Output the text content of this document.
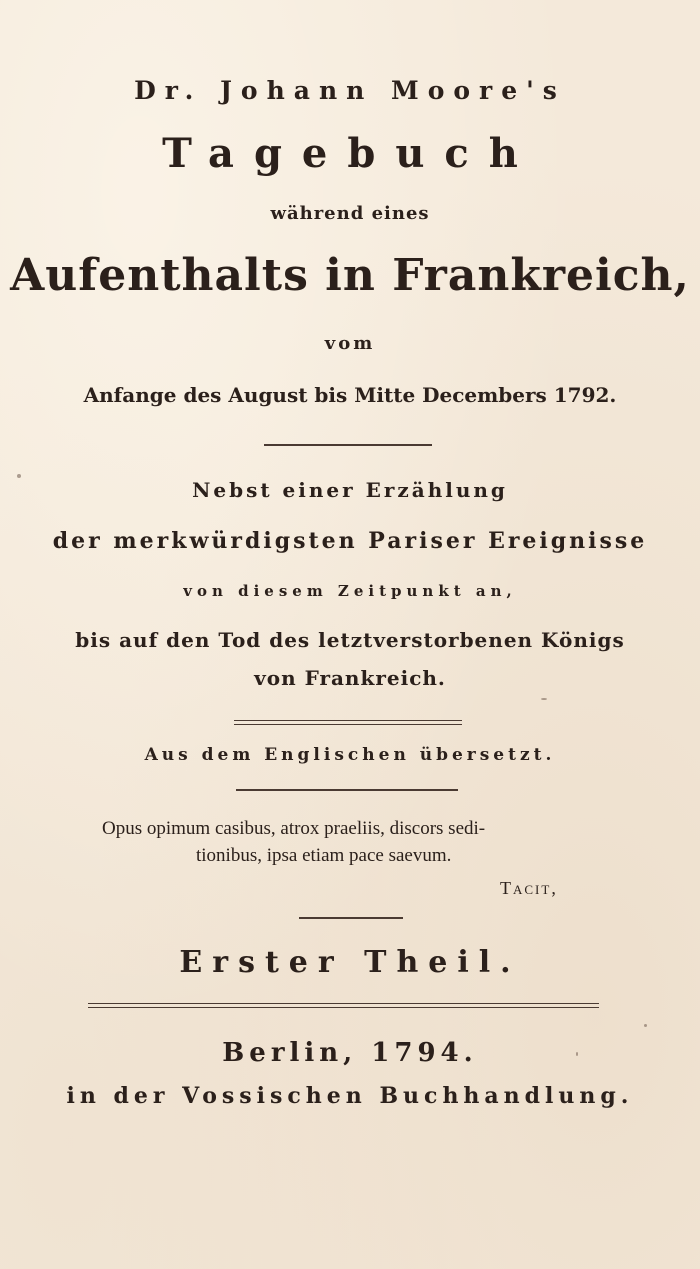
Dr. Johann Moore's
Tagebuch
während eines
Aufenthalts in Frankreich,
vom
Anfange des August bis Mitte Decembers 1792.
Nebst einer Erzählung
der merkwürdigsten Pariser Ereignisse
von diesem Zeitpunkt an,
bis auf den Tod des letztverstorbenen Königs
von Frankreich.
Aus dem Englischen übersetzt.
Opus opimum casibus, atrox praeliis, discors sedi-
tionibus, ipsa etiam pace saevum.
Tacit,
Erster Theil.
Berlin, 1794.
in der Vossischen Buchhandlung.
